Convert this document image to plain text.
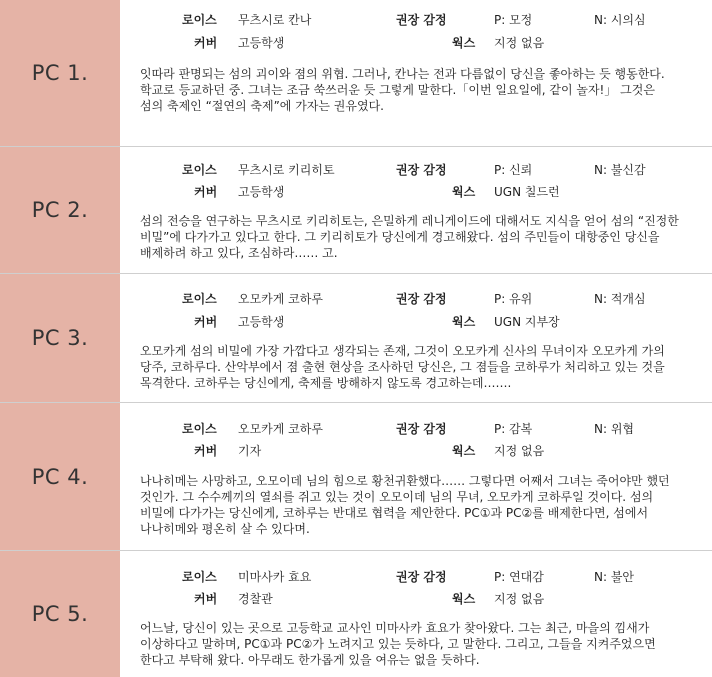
PC 1.
로이스 무츠시로 칸나	권장 감정	P: 모정	N: 시의심
커버 고등학생	웍스 지정 없음
잇따라 판명되는 섬의 괴이와 졈의 위협. 그러나, 칸나는 전과 다름없이 당신을 좋아하는 듯 행동한다. 학교로 등교하던 중. 그녀는 조금 쑥쓰러운 듯 그렇게 말한다.「이번 일요일에, 같이 놀자!」 그것은 섬의 축제인 “절연의 축제”에 가자는 권유였다.
PC 2.
로이스 무츠시로 키리히토	권장 감정	P: 신뢰	N: 불신감
커버 고등학생	웍스 UGN 칠드런
섬의 전승을 연구하는 무츠시로 키리히토는, 은밀하게 레니게이드에 대해서도 지식을 얻어 섬의 “진정한 비밀”에 다가가고 있다고 한다. 그 키리히토가 당신에게 경고해왔다. 섬의 주민들이 대항중인 당신을 배제하려 하고 있다, 조심하라…… 고.
PC 3.
로이스 오모카게 코하루	권장 감정	P: 유위	N: 적개심
커버 고등학생	웍스 UGN 지부장
오모카게 섬의 비밀에 가장 가깝다고 생각되는 존재, 그것이 오모카게 신사의 무녀이자 오모카게 가의 당주, 코하루다. 산악부에서 졈 출현 현상을 조사하던 당신은, 그 졈들을 코하루가 처리하고 있는 것을 목격한다. 코하루는 당신에게, 축제를 방해하지 않도록 경고하는데…….
PC 4.
로이스 오모카게 코하루	권장 감정	P: 감복	N: 위협
커버 기자	웍스 지정 없음
나나히메는 사망하고, 오모이데 님의 힘으로 황천귀환했다…… 그렇다면 어째서 그녀는 죽어야만 했던 것인가. 그 수수께끼의 열쇠를 쥐고 있는 것이 오모이데 님의 무녀, 오모카게 코하루일 것이다. 섬의 비밀에 다가가는 당신에게, 코하루는 반대로 협력을 제안한다. PC①과 PC②를 배제한다면, 섬에서 나나히메와 평온히 살 수 있다며.
PC 5.
로이스 미마사카 효요	권장 감정	P: 연대감	N: 불안
커버 경찰관	웍스 지정 없음
어느날, 당신이 있는 곳으로 고등학교 교사인 미마사카 효요가 찾아왔다. 그는 최근, 마을의 낌새가 이상하다고 말하며, PC①과 PC②가 노려지고 있는 듯하다, 고 말한다. 그리고, 그들을 지켜주었으면 한다고 부탁해 왔다. 아무래도 한가롭게 있을 여유는 없을 듯하다.
